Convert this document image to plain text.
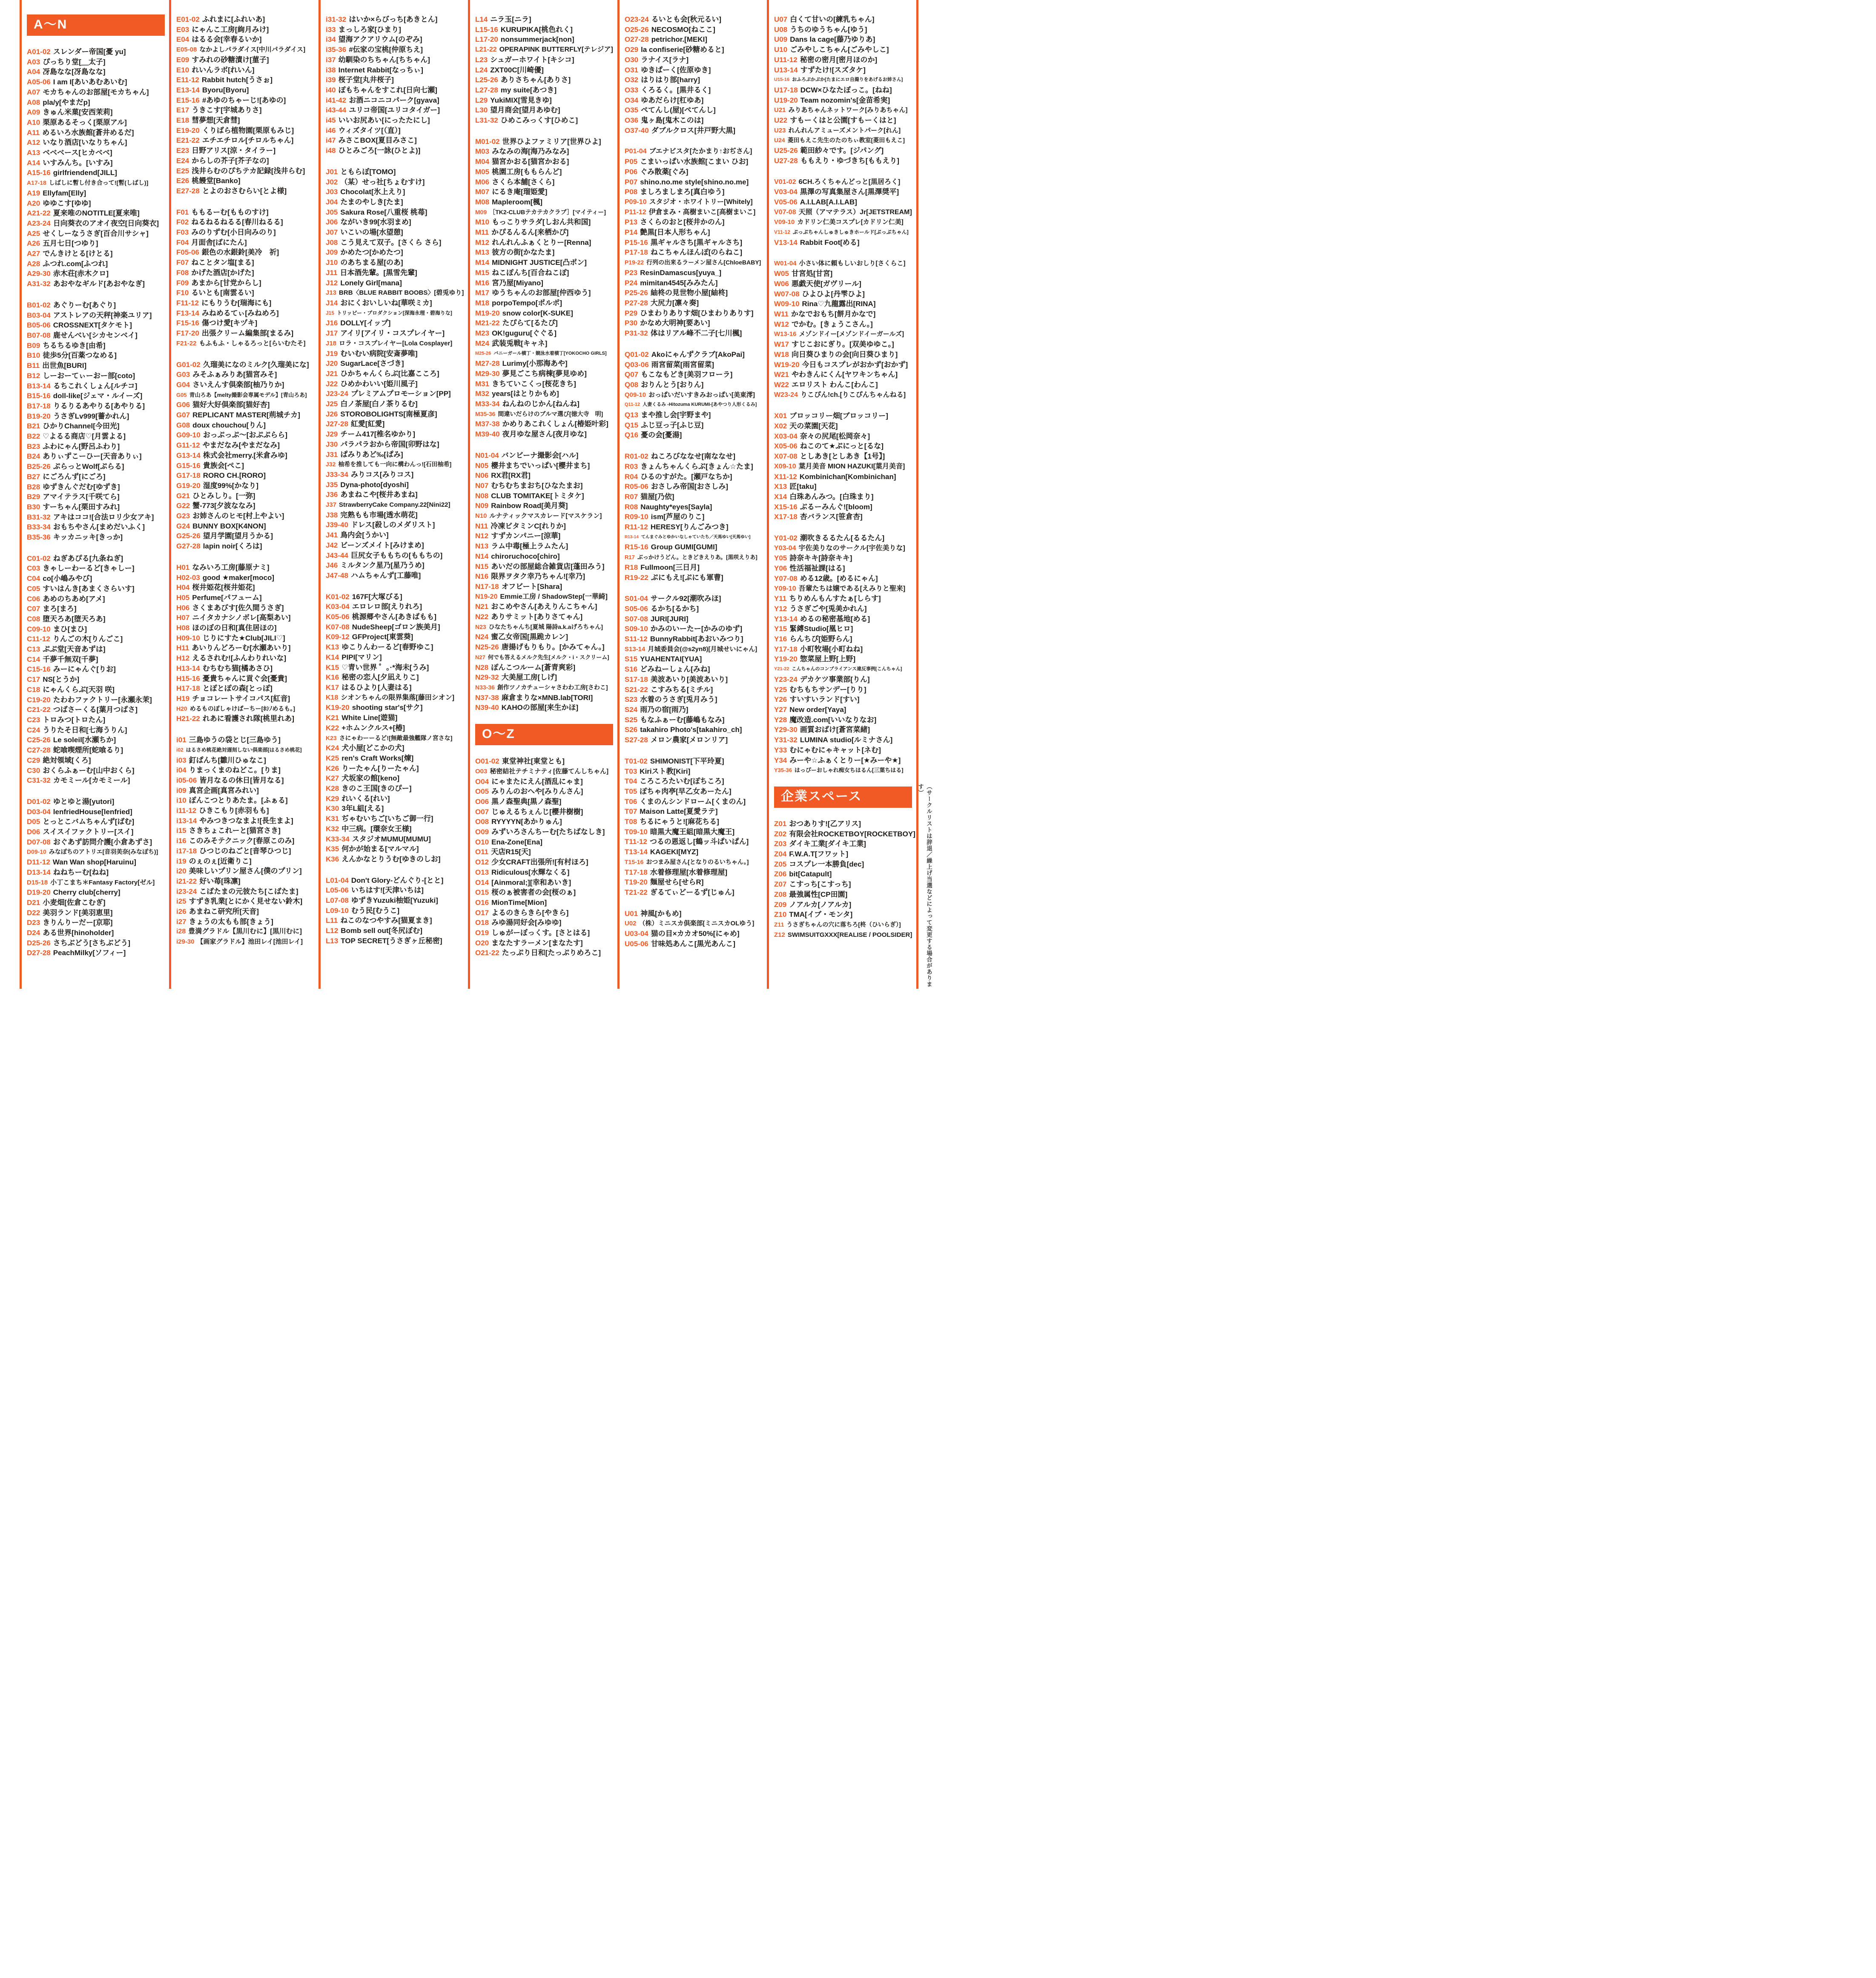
A～N
A01-02 スレンダー帝国[憂 yu]
A03 ぴっちり堂[＿太子]
A04 冴島なな[冴島なな]
A05-06 I am I[あいあむあいむ]
A07 モカちゃんのお部屋[モカちゃん]
A08 pla/y[やまだp]
A09 きゅん米菓[安西茉莉]
A10 栗原あるそっく[栗原アル]
A11 めるいろ水族館[蒼井めるだ]
A12 いなり酒店[いなりちゃん]
A13 ベベベース[ヒカベベ]
A14 いすみんち。[いすみ]
A15-16 girlfriendend[JILL]
A17-18 しばしに暫し付き合って![暫(しばし)]
A19 Ellyfam[Elly]
A20 ゆゆこす[ゆゆ]
A21-22 夏来唯のNOTITLE[夏来唯]
A23-24 日向葵衣のアオイ夜空[日向葵衣]
A25 せくしーなうさぎ[百合川サシャ]
A26 五月七日[つゆり]
A27 でんきけとる[けとる]
A28 ふつれ.com[ふつれ]
A29-30 赤木荘[赤木クロ]
A31-32 あおやなギルド[あおやなぎ]
B01-02 あぐりーむ[あぐり]
B03-04 アストレアの天秤[神楽ユリア]
B05-06 CROSSNEXT[タケモト]
B07-08 鹿せんべい[シカセンベイ]
B09 ちるちるゆき[由希]
B10 徒歩5分[百薬つなめる]
B11 出世魚[BURI]
B12 しーおーてぃーおー部[coto]
B13-14 るちこれくしょん[ルチコ]
B15-16 doll-like[ジェマ・ルイーズ]
B17-18 りるりるあやりる[あやりる]
B19-20 うさぎLv999[薔かれん]
B21 ひかりChannel[今田光]
B22 ♡よるる商店♡[月雲よる]
B23 ふわにゃん[野呂ふわり]
B24 ありぃずこーひー[天音ありぃ]
B25-26 ぷらっとWolf[ぷらる]
B27 にごろんず[にごろ]
B28 ゆずきんぐだむ[ゆずき]
B29 アマイテラス[千咲てら]
B30 すーちゃん[栗田すみれ]
B31-32 アキはココ![合法ロリ少女アキ]
B33-34 おもちやさん[まめだいふく]
B35-36 キッカニッキ[きっか]
C01-02 ねぎあぴる[九条ねぎ]
C03 きゃしーわーるど[きゃしー]
C04 co[小嶋みやび]
C05 すいはんき[あまくさらいす]
C06 あめのちあめ[アメ]
C07 まろ[まろ]
C08 堕天ろあ[堕天ろあ]
C09-10 まひ[まひ]
C11-12 りんごの木[りんごこ]
C13 ぷぷ堂[天音あずは]
C14 千夢千無双[千夢]
C15-16 みーにゃんぐ[りお]
C17 NS[とうか]
C18 にゃんくらぶ[天羽 咲]
C19-20 たわわファクトリー[永瀬永茉]
C21-22 つばさーくる[葉月つばさ]
C23 トロみつ[トロたん]
C24 うりたそ日和[七海うりん]
C25-26 Le soleil[水瀬ちか]
C27-28 蛇喰喫煙所[蛇喰るり]
C29 絶対領域[くろ]
C30 おくらふぁーむ[山中おくら]
C31-32 カモミール[カモミール]
D01-02 ゆとゆと湯[yutori]
D03-04 lenfriedHouse[lenfried]
D05 とっとこバムちゃんず[ばむ]
D06 スイスイファクトリー[スイ]
D07-08 おぐあず訪問介護[小倉あずさ]
D09-10 みなぽちのアトリエ[音羽美奈(みなぽち)]
D11-12 Wan Wan shop[Haruinu]
D13-14 ねねちーむ[ねね]
D15-18 小丁こまち＊Fantasy Factory[ゼル]
D19-20 Cherry club[cherry]
D21 小麦畑[佐倉こむぎ]
D22 美羽ランド[美羽恵里]
D23 きりんりーだー[京耶]
D24 ある世界[hinoholder]
D25-26 さちぶどう[さちぶどう]
D27-28 PeachMilky[ソフィー]
E01-02 ふれまに[ふれいあ]
E03 にゃんこ工房[絢月みけ]
E04 はるる会[幸春るいか]
E05-08 なかよしパラダイス[中川パラダイス]
E09 すみれの砂糖漬け[菫子]
E10 れいんラボ[れいん]
E11-12 Rabbit hutch[うさぉ]
E13-14 Byoru[Byoru]
E15-16 #あゆのちゃーじ![あゆの]
E17 うきこす[宇城ありさ]
E18 彗夢想[天倉彗]
E19-20 くりばら植物園[栗原もみじ]
E21-22 エチエチロル[チロルちゃん]
E23 日野アリス[涼・タイラー]
E24 からしの芥子[芥子なの]
E25 浅井らむのぴちテカ記録[浅井らむ]
E26 桃饅堂[Banko]
E27-28 とよのおさむらい[とよ様]
F01 ももるーむ[もものすけ]
F02 ねるねるねるる[春川ねるる]
F03 みのりずむ[小日向みのり]
F04 月面舎[ばにたん]
F05-06 銀色の水銀鈴[美冷　祈]
F07 ねことタン塩[まる]
F08 かげた酒店[かげた]
F09 あまから[甘党からし]
F10 るいとも[南雲るい]
F11-12 にもりうむ[瑞海にも]
F13-14 みねめるてぃ[みねめろ]
F15-16 傷つけ愛[キヅキ]
F17-20 出張クリーム編集部[まるみ]
F21-22 もふもふ・しゃるろっと[らいむたそ]
G01-02 久瑠美になのミルク[久瑠美にな]
G03 みそふぁみりあ[猫宮みそ]
G04 さいえんす倶楽部[柚乃りか]
G05 青山ろあ【melty撮影会専属モデル】[青山ろあ]
G06 猫好大好倶楽部[猫好杏]
G07 REPLICANT MASTER[荊城チカ]
G08 doux chouchou[りん]
G09-10 おっぷっぷ〜[おぷぷらら]
G11-12 やまだなみ[やまだなみ]
G13-14 株式会社merry.[米倉みゆ]
G15-16 貴族会[ぺこ]
G17-18 RORO CH.[RORO]
G19-20 湿度99%[かなり]
G21 ひとみしり。[一弥]
G22 蟹-773[夕波ななみ]
G23 お姉さんのヒモ[村上やよい]
G24 BUNNY BOX[K4NON]
G25-26 望月学園[望月うかる]
G27-28 lapin noir[くろは]
H01 なみいろ工房[藤原ナミ]
H02-03 good ★maker[moco]
H04 桜井姫花[桜井姫花]
H05 Perfume[パフューム]
H06 さくまあびす[佐久間うさぎ]
H07 ニイタカナシノボレ[高梨あい]
H08 ほのぼの日和[真住居ほの]
H09-10 じりにすた★Club[JILI♡]
H11 あいりんどろーむ[水瀬あいり]
H12 えるされむ![ふんわりれいな]
H13-14 むちむち猫[橘あさひ]
H15-16 憂貴ちゃんに貢ぐ会[憂貴]
H17-18 とぽとぽの森[とっぽ]
H19 チョコレートサイコパス[紅音]
H20 めるものぽしゃけぱーちー[ﾎｼﾉめるも。]
H21-22 れあに看護され隊[桃里れあ]
i01 三島ゆうの袋とじ[三島ゆう]
i02 はるさめ桃花絶対遅刻しない倶楽部[はるさめ桃花]
i03 釘ぱんち[雛川ひゅなこ]
i04 りまっくまのねどこ。[りま]
i05-06 皆月なるの休日[皆月なる]
i09 真宮企画[真宮みれい]
i10 ぽんこつとりあたま。[ふぁる]
i11-12 ひきこもり[赤羽もも]
i13-14 やみつきつなまよ![長生まよ]
i15 さきちょこれーと[猫宮さき]
i16 このみそテクニック[春原このみ]
i17-18 ひつじのねごと[音琴ひつじ]
i19 のぇのぇ[近衛りこ]
i20 美味しいプリン屋さん[僕のプリン]
i21-22 好い苺[珠凛]
i23-24 こばたまの元彼たち[こばたま]
i25 すずき乳業[とにかく見せない鈴木]
i26 あまねこ研究所[天音]
i27 きょうの太もも部[きょう]
i28 豊満グラドル【黒川むに】[黒川むに]
i29-30 【画家グラドル】池田レイ[池田レイ]
i31-32 はいか×らびっち[あきとん]
i33 まっしろ家[ひまり]
i34 望海アクアリウム[のぞみ]
i35-36 #伝家の宝桃[仲原ちえ]
i37 幼馴染のちちゃん[ちちゃん]
i38 Internet Rabbit[なっちぃ]
i39 桜子堂[丸井桜子]
i40 ぽもちゃんをすこれ[日向七瀬]
i41-42 お酒ニコニコパーク[gyava]
i43-44 ユリコ帝国[ユリコタイガー]
i45 いいお尻あい[にったたにし]
i46 ウィズタイツ[（直）]
i47 みさこBOX[夏目みさこ]
i48 ひとみごろ[一詠(ひとよ)]
J01 ともらぼ[TOMO]
J02 （某）せっ社[ちょむすけ]
J03 Chocolat[氷上えり]
J04 たまのやしき[たま]
J05 Sakura Rose[八重桜 桃苺]
J06 ながいき99[水羽まめ]
J07 いこいの場[水望憩]
J08 こう見えて双子。[さくら さら]
J09 かめたつ[かめたつ]
J10 のあちまる屋[のあ]
J11 日本酒先輩。[黒雪先輩]
J12 Lonely Girl[mana]
J13 BRB〈BLUE RABBIT BOOBS〉[碧兎ゆり]
J14 おにくおいしいね[華咲ミカ]
J15 トリッピー・プロダクション[深海永理・碧海りな]
J16 DOLLY[イップ]
J17 アイリ[アイリ・コスプレイヤー]
J18 ロラ・コスプレイヤー[Lola Cosplayer]
J19 むいむい病院[安斎夢唯]
J20 SugarLace[さづき]
J21 ひかちゃんくらぶ[比嘉こころ]
J22 ひめかわいい[姫川風子]
J23-24 プレミアムプロモーション[PP]
J25 白ノ茶屋[白ノ茶りるむ]
J26 STOROBOLIGHTS[南極夏彦]
J27-28 紅愛[紅愛]
J29 チーム417[椎名ゆかり]
J30 パラパラおから帝国[卯野はな]
J31 ぱみりあど‰[ぱみ]
J32 柚希を推しても一向に構わんっ![石田柚希]
J33-34 みりコス[みりコス]
J35 Dyna-photo[dyoshi]
J36 あまねこや[桜井あまね]
J37 StrawberryCake Company.22[Nini22]
J38 完熟もも市場[透水萌花]
J39-40 ドレス[殺しのメダリスト]
J41 鳥内会[うかい]
J42 ビーンズメイト[みけまめ]
J43-44 巨尻女子ももちの[ももちの]
J46 ミルタンク星乃[星乃うめ]
J47-48 ハムちゃんず[工藤唯]
K01-02 167F[大塚びる]
K03-04 エロレロ部[えりれろ]
K05-06 桃源郷やさん[あきばもも]
K07-08 NudeSheep[ゴロン族美月]
K09-12 GFProject[東雲葵]
K13 ゆこりんわーるど[春野ゆこ]
K14 PIPI[マリン]
K15 ♡青い世界 ゜。·*海未[うみ]
K16 秘密の恋人[夕凪えりこ]
K17 はるひより[人妻はる]
K18 シオンちゃんの限界集落[藤田シオン]
K19-20 shooting star's[サク]
K21 White Line[遊猫]
K22 +ホムンクルス+[椿]
K23 さにゃわーーるど![無敵最強艦隊ノ宮さな]
K24 犬小屋[どこかの犬]
K25 ren's Craft Works[煉]
K26 りーたゃん[りーたゃん]
K27 犬坂家の館[keno]
K28 きのこ王国[きのぴー]
K29 れいくる[れい]
K30 3年L組[える]
K31 ぢゃむいちご[いちご御一行]
K32 中三病。[環奈女王様]
K33-34 スタジオMUMU[MUMU]
K35 何かが始まる[マルマル]
K36 えんかなとりうむ[ゆきのしお]
L01-04 Don't Glory-どんぐり-[とと]
L05-06 いちはす![天津いちは]
L07-08 ゆずきYuzuki柚姫[Yuzuki]
L09-10 むう民[むうこ]
L11 ねこのなつやすみ[猫夏まき]
L12 Bomb sell out[冬尻ぼむ]
L13 TOP SECRET[うさぎヶ丘秘密]
L14 ニラ玉[ニラ]
L15-16 KURUPIKA[桃色れく]
L17-20 nonsummerjack[non]
L21-22 OPERAPINK BUTTERFLY[テレジア]
L23 シュガーホワイト[キシコ]
L24 ZXT00C[川崎優]
L25-26 ありさちゃん[ありさ]
L27-28 my suite[あつき]
L29 YukiMIX[雪見きゆ]
L30 望月商会[望月あゆむ]
L31-32 ひめこみっくす[ひめこ]
M01-02 世界ひよファミリア[世界ひよ]
M03 みなみの海[海乃みなみ]
M04 猫宮かおる[猫宮かおる]
M05 桃園工房[ももらんど]
M06 さくら本舗[さくら]
M07 にるき庵[瑠姫愛]
M08 Mapleroom[楓]
M09 ［TK2-CLUBテカテカクラブ］[マイティー]
M10 もっこりサラダ[しおん共和国]
M11 かぴるんるん[来栖かぴ]
M12 れんれんふぁくとりー[Renna]
M13 彼方の街[かなたま]
M14 MIDNIGHT JUSTICE[凸ポン]
M15 ねこぽんち[百合ねこぽ]
M16 宮乃屋[Miyano]
M17 ゆうちゃんのお部屋[仲西ゆう]
M18 porpoTempo[ポルポ]
M19-20 snow color[K-SUKE]
M21-22 たぴらて[るたぴ]
M23 OK!guguru[ぐぐる]
M24 武装兎戦[キャネ]
M25-26 バニーガール横丁・競泳水着横丁[YOKOCHO GIRLS]
M27-28 Lurimy[小那海あや]
M29-30 夢見ごこち病棟[夢見ゆめ]
M31 きちていこくっ[桜花きち]
M32 years[はとりかもめ]
M33-34 ねんねのじかん[ねんね]
M35-36 間違いだらけのブルマ選び[徳大寺　明]
M37-38 かめりあこれくしょん[椿姫叶彩]
M39-40 夜月ゆな屋さん[夜月ゆな]
N01-04 バンビーナ撮影会[ハル]
N05 櫻井まちでいっぱい[櫻井まち]
N06 RX君[RX君]
N07 むちむちまおち[ひなたまお]
N08 CLUB TOMITAKE[トミタケ]
N09 Rainbow Road[美月葵]
N10 ルナティックマスカレード[マスケラン]
N11 冷凍ビタミンC[れりか]
N12 すずカンパニー[涼華]
N13 ラム中毒[極上ラムたん]
N14 chiroruchoco[chiro]
N15 あいだの部屋総合雑貨店[蓬田みう]
N16 限界ヲタク幸乃ちゃん![幸乃]
N17-18 オフビート[Shara]
N19-20 Emmie工房 / ShadowStep[一華綺]
N21 おこめやさん[あえりんこちゃん]
N22 ありサミット[ありさてゃん]
N23 ひなたちゃんち[夏城 陽詩a.k.aげろちゃん]
N24 蜜乙女帝国[黒跪カレン]
N25-26 唐揚げもりもり。[かみてゃん。]
N27 何でも答えるメルク先生[メルク・i・スクリーム]
N28 ぽんこつルーム[蒼青爽彩]
N29-32 大美屋工房[しげ]
N33-36 創作ツノカチューシャさわわ工房[さわこ]
N37-38 麻倉まりな×MNB.lab[TORI]
N39-40 KAHOの部屋[来生かほ]
O～Z
O01-02 東堂神社[東堂とも]
O03 秘密結社テチミナティ[佐藤てんしちゃん]
O04 にゃまたにえん[酒乱にゃま]
O05 みりんのおへや[みりんさん]
O06 黒ノ森聖典[黒ノ森聖]
O07 じゅえるちぇんじ[櫻井樹樹]
O08 RYYYYN[あかりゅん]
O09 みずいろさんちーむ[たちばなしき]
O10 Ena-Zone[Ena]
O11 天店R15[天]
O12 少女CRAFT出張所![有村ほろ]
O13 Ridiculous[水輝なくる]
O14 [Ainmoral;][幸和あいき]
O15 桜のぁ被害者の会[桜のぁ]
O16 MionTime[Mion]
O17 よるのきらきら[やきら]
O18 みゆ湯同好会[みゆゆ]
O19 しゅがーぼっくす。[さとはる]
O20 まなたすラーメン[まなたす]
O21-22 たっぷり日和[たっぷりめろこ]
O23-24 るいとも会[秋元るい]
O25-26 NECOSMO[ねここ]
O27-28 petrichor.[MEKI]
O29 la confiserie[砂糖めると]
O30 ラナイス[ラナ]
O31 ゆきぱーく[佐原ゆき]
O32 はりはり部[harry]
O33 くろるく。[黒井るく]
O34 ゆあだらけ[杠ゆあ]
O35 ぺてんし(屋)[ぺてんし]
O36 鬼ヶ島[鬼木このは]
O37-40 ダブルクロス[井戸野大黒]
P01-04 ブエナビスタ[たかまり↑おぢさん]
P05 こまいっぱい水族館[こまい ひお]
P06 ぐみ散薬[ぐみ]
P07 shino.no.me style[shino.no.me]
P08 ましろましまろ[真白ゆう]
P09-10 スタジオ・ホワイトリー[Whitely]
P11-12 伊倉まみ・高樹まいこ[高樹まいこ]
P13 さくらのおと[桜井かのん]
P14 艶黒[日本人形ちゃん]
P15-16 黒ギャルさち[黒ギャルさち]
P17-18 ねこちゃんほんぽ[のらねこ]
P19-22 行列の出来るラーメン屋さん[ChloeBABY]
P23 ResinDamascus[yuya_]
P24 mimitan4545[みみたん]
P25-26 紬柊の見世物小屋[紬柊]
P27-28 大尻力[凛々奏]
P29 ひまわりありす畑[ひまわりありす]
P30 かなめ大明神[要あい]
P31-32 体はリアル峰不二子[七川楓]
Q01-02 Akoにゃんずクラブ[AkoPai]
Q03-06 雨宮留菜[雨宮留菜]
Q07 もこなもどき[美羽フローラ]
Q08 おりんとう[おりん]
Q09-10 おっぱいだいすきみおっぱい[美東澪]
Q11-12 人妻くるみ -Hitozuma KURUMI-[あやつり人形くるみ]
Q13 まや推し会[宇野まや]
Q15 ふじ豆っ子[ふじ豆]
Q16 憂の会[憂湯]
R01-02 ねころびななせ[南ななせ]
R03 きょんちゃんくらぶ[きょん☆たま]
R04 ひるのすがた。[瀬戸なちか]
R05-06 おさしみ帝国[おさしみ]
R07 猫屋[乃依]
R08 Naughty*eyes[Sayla]
R09-10 ism[芦屋のりこ]
R11-12 HERESY[りんごみつき]
R13-14 てんまぐみとゆかいなしゃていたち／天馬ゆい[天馬ゆい]
R15-16 Group GUMI[GUMI]
R17 ぶっかけうどん。ときどきえりあ。[黒咲えりあ]
R18 Fullmoon[三日月]
R19-22 ぷにもえ![ぷにも軍曹]
S01-04 サークル92[潮吹みほ]
S05-06 るかち[るかち]
S07-08 JURI[JURI]
S09-10 かみのいーたー[かみのゆず]
S11-12 BunnyRabbit[あおいみつり]
S13-14 月城委員会(@s2yn8)[月城せいにゃん]
S15 YUAHENTAI[YUA]
S16 どみねーしょん[みね]
S17-18 美波あいり[美波あいり]
S21-22 こすみちる[ミチル]
S23 水着のうさぎ[兎月みう]
S24 雨乃の宿[雨乃]
S25 もなふぁーむ[藤嶋もなみ]
S26 takahiro Photo's[takahiro_ch]
S27-28 メロン農家[メロンリア]
T01-02 SHIMONIST[下平玲夏]
T03 Kiriスト教[Kiri]
T04 ころころたいむ[ぽちころ]
T05 ぽちゃ肉亭[早乙女あーたん]
T06 くまのんシンドローム[くまのん]
T07 Maison Latte[夏愛ラテ]
T08 ちるにゃうと![麻花ちる]
T09-10 暗黒大魔王組[暗黒大魔王]
T11-12 つるの恩返し[鶴ッ斗ぱいぱん]
T13-14 KAGEKI[MYZ]
T15-16 おつまみ屋さん[となりのるいちゃん。]
T17-18 水着修理屋[水着修理屋]
T19-20 麺屋せら[せらR]
T21-22 ぎるてぃどーるず[じゅん]
U01 神風[かもめ]
U02 （株）ミニスカ倶楽部[ミニスカOLゆう]
U03-04 猫の目×カカオ50%[にゃめ]
U05-06 甘味処あんこ[黒光あんこ]
U07 白くて甘いの[練乳ちゃん]
U08 うちのゆうちゃん[ゆう]
U09 Dans la cage[藤乃ゆりあ]
U10 ごみやしこちゃん[ごみやしこ]
U11-12 秘密の密月[密月ほのか]
U13-14 すずたけ![スズタケ]
U15-16 おふろぷかぷか[たまにエロ自撮りをあげるお姉さん]
U17-18 DCW×ひなたぼっこ。[ねね]
U19-20 Team nozomin's[金苗希実]
U21 みりあちゃんネットワーク[みりあちゃん]
U22 すもーくはと公園[すもーくはと]
U23 れんれんアミューズメントパーク[れん]
U24 菱田もえこ先生のたのちぃ教室[菱田もえこ]
U25-26 範田紗々です。[ジパング]
U27-28 ももえり・ゆづきち[ももえり]
V01-02 6CH.ろくちゃんどっと[黒居ろく]
V03-04 黒澤の写真集屋さん[黒澤奨平]
V05-06 A.I.LAB[A.I.LAB]
V07-08 天照（アマテラス）Jr[JETSTREAM]
V09-10 カドリン仁美コスプレ[カドリン仁美]
V11-12 ぷっぷちゃんしゅきしゅきホールド[ぷっぷちゃん]
V13-14 Rabbit Foot[める]
W01-04 小さい体に頼もしいおしり[さくらこ]
W05 甘宮処[甘宮]
W06 悪戯天使[ガヴリール]
W07-08 ひよひよ[丹雫ひよ]
W09-10 Rina♡九龍露出[RINA]
W11 かなでおもち[餅月かなで]
W12 でかむ。[きょうこさん。]
W13-16 メゾンドイー[メゾンドイーガールズ]
W17 すじこおにぎり。[双美ゆゆこ。]
W18 向日葵ひまりの会[向日葵ひまり]
W19-20 今日もコスプレがおかず[おかず]
W21 やわきんにくん[ヤワキンちゃん]
W22 エロリスト わんこ[わんこ]
W23-24 りこぴん!ch.[りこぴんちゃんねる]
X01 ブロッコリー畑[ブロッコリー]
X02 天の菜園[天花]
X03-04 奈々の尻尾[松岡奈々]
X05-06 ねこのて★ぷにっと[るな]
X07-08 としあき[としあき【1号】]
X09-10 葉月美音 MION HAZUKI[葉月美音]
X11-12 Kombinichan[Kombinichan]
X13 匠[taku]
X14 白珠あんみつ。[白珠まり]
X15-16 ぶるーみんぐ![bloom]
X17-18 杏バランス[笹倉杏]
Y01-02 潮吹きるるたん[るるたん]
Y03-04 宇佐美りなのサークル[宇佐美りな]
Y05 詩奈キキ[詩奈キキ]
Y06 性活福祉課[はる]
Y07-08 める12歳。[めるにゃん]
Y09-10 吾輩たちは嬢である[えみりと聖来]
Y11 ちりめんもんすたぁ[しらす]
Y12 うさぎごや[兎美かれん]
Y13-14 めるの秘密基地[める]
Y15 緊縛Studio[凰ヒロ]
Y16 らんちぴ[姫野らん]
Y17-18 小町牧場[小町ねね]
Y19-20 惣菜屋上野[上野]
Y21-22 こんちゃんのコンプライアンス違反事例[こんちゃん]
Y23-24 デカケツ事業部[りん]
Y25 むちもちサンデー[りり]
Y26 すいすいランド[すい]
Y27 New order[Yaya]
Y28 魔改造.com[いいなりなお]
Y29-30 画質おばけ[蒼宮菜緒]
Y31-32 LUMINA studio[ルミナさん]
Y33 むにゃむにゃキャット[ネむ]
Y34 みーや☆ふぁくとりー[★みーや★]
Y35-36 はっぴーおしゃれ痴女ちはるん[三葉ちはる]
企業スペース
Z01 おつありす![乙アリス]
Z02 有限会社ROCKETBOY[ROCKETBOY]
Z03 ダイキ工業[ダイキ工業]
Z04 F.W.A.T[フワット]
Z05 コスプレ一本勝負[dec]
Z06 bit[Catapult]
Z07 こすっち[こすっち]
Z08 最強属性[CP田園]
Z09 ノアルカ[ノアルカ]
Z10 TMA[イブ・モンタ]
Z11 うさぎちゃんの穴に落ちろ[柊（ひいらぎ）]
Z12 SWIMSUITGXXX[REALISE / POOLSIDER]	（サークルリストは辞退／繰上げ当選などによって変更する場合があります）
